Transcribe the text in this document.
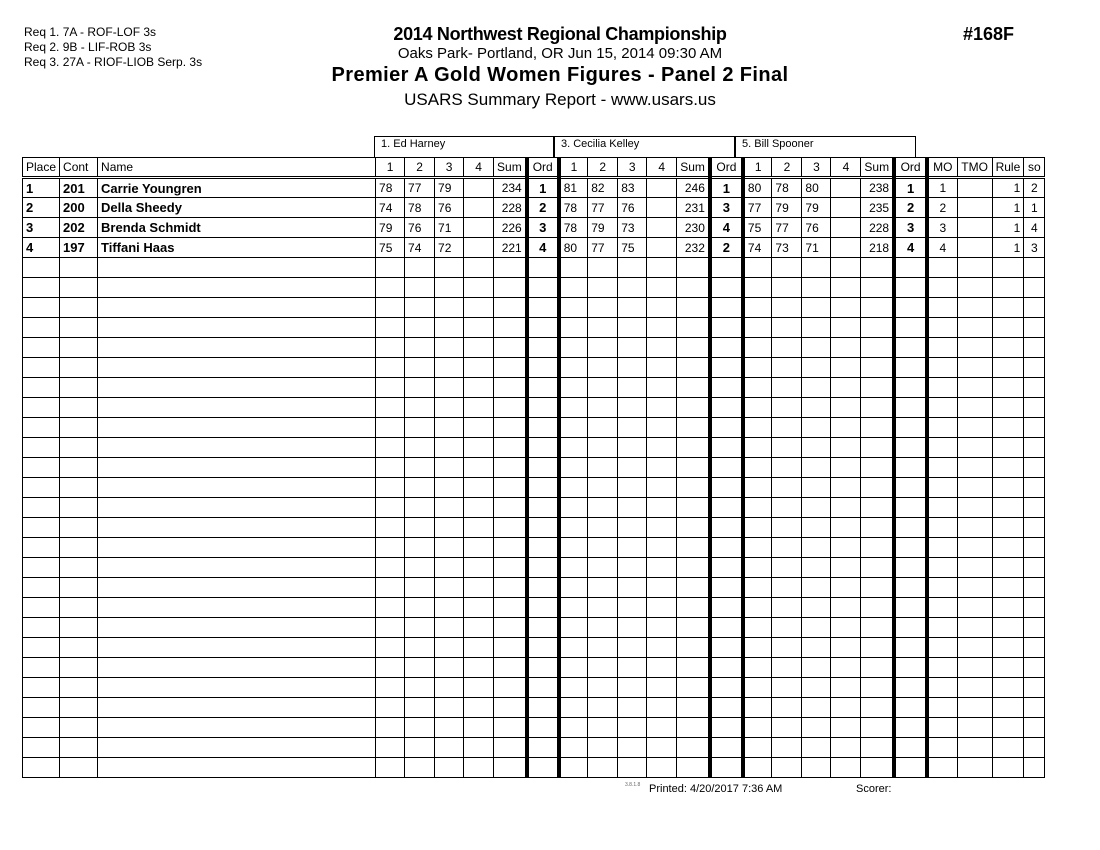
Req 1. 7A - ROF-LOF 3s
Req 2. 9B - LIF-ROB 3s
Req 3. 27A - RIOF-LIOB Serp. 3s
2014 Northwest Regional Championship
Oaks Park- Portland, OR Jun 15, 2014 09:30 AM
Premier A Gold Women Figures - Panel 2 Final
USARS Summary Report - www.usars.us
#168F
1. Ed Harney	3. Cecilia Kelley	5. Bill Spooner
Place	Cont	Name	1	2	3	4	Sum	Ord	1	2	3	4	Sum	Ord	1	2	3	4	Sum	Ord	MO	TMO	Rule	so
1	201	Carrie Youngren	78	77	79		234	1	81	82	83		246	1	80	78	80		238	1	1		1	2
2	200	Della Sheedy	74	78	76		228	2	78	77	76		231	3	77	79	79		235	2	2		1	1
3	202	Brenda Schmidt	79	76	71		226	3	78	79	73		230	4	75	77	76		228	3	3		1	4
4	197	Tiffani Haas	75	74	72		221	4	80	77	75		232	2	74	73	71		218	4	4		1	3

3.8.1.8 Printed: 4/20/2017 7:36 AM	Scorer:
